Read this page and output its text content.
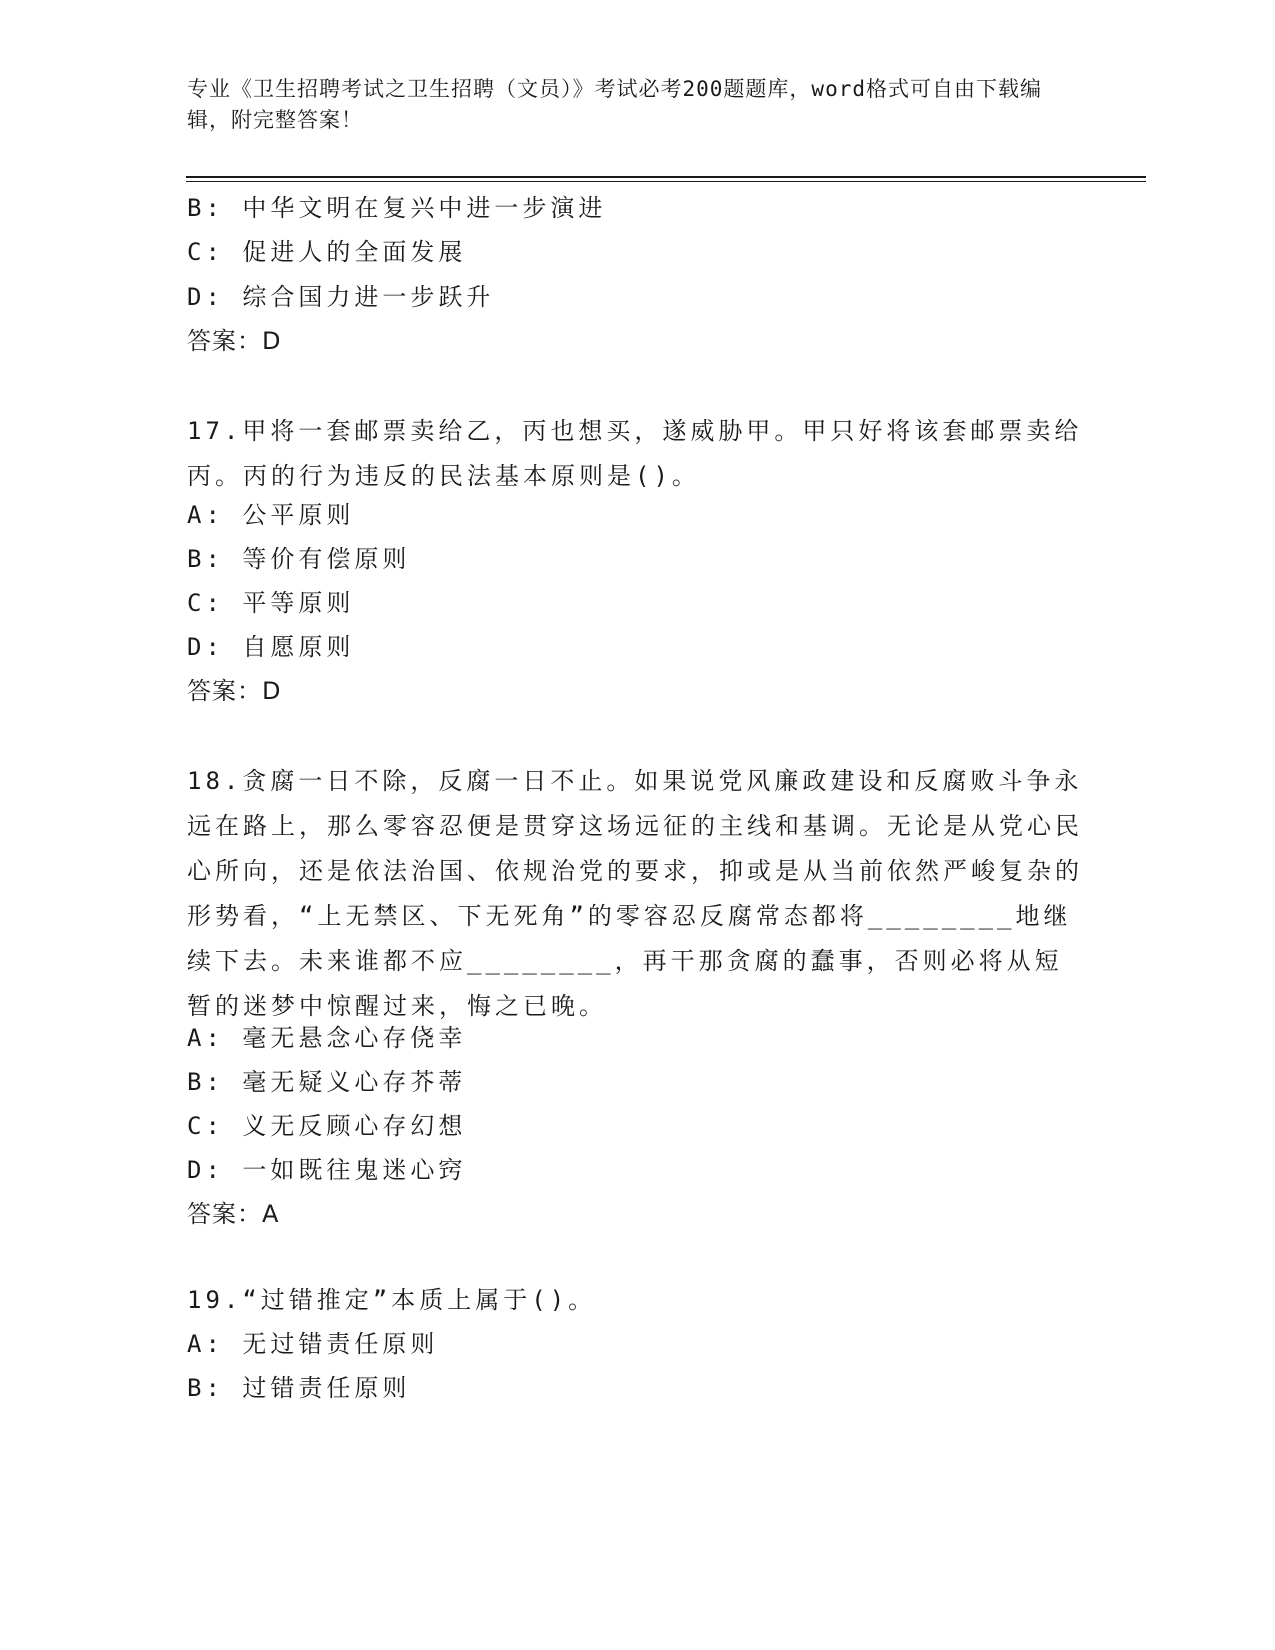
专业《卫生招聘考试之卫生招聘（文员）》考试必考200题题库，word格式可自由下载编辑，附完整答案！
B: 中华文明在复兴中进一步演进
C: 促进人的全面发展
D: 综合国力进一步跃升
答案：D
17.甲将一套邮票卖给乙，丙也想买，遂威胁甲。甲只好将该套邮票卖给丙。丙的行为违反的民法基本原则是()。
A: 公平原则
B: 等价有偿原则
C: 平等原则
D: 自愿原则
答案：D
18.贪腐一日不除，反腐一日不止。如果说党风廉政建设和反腐败斗争永远在路上，那么零容忍便是贯穿这场远征的主线和基调。无论是从党心民心所向，还是依法治国、依规治党的要求，抑或是从当前依然严峻复杂的形势看，“上无禁区、下无死角”的零容忍反腐常态都将________地继续下去。未来谁都不应________，再干那贪腐的蠢事，否则必将从短暂的迷梦中惊醒过来，悔之已晚。
A: 毫无悬念心存侥幸
B: 毫无疑义心存芥蒂
C: 义无反顾心存幻想
D: 一如既往鬼迷心窍
答案：A
19.“过错推定”本质上属于()。
A: 无过错责任原则
B: 过错责任原则
